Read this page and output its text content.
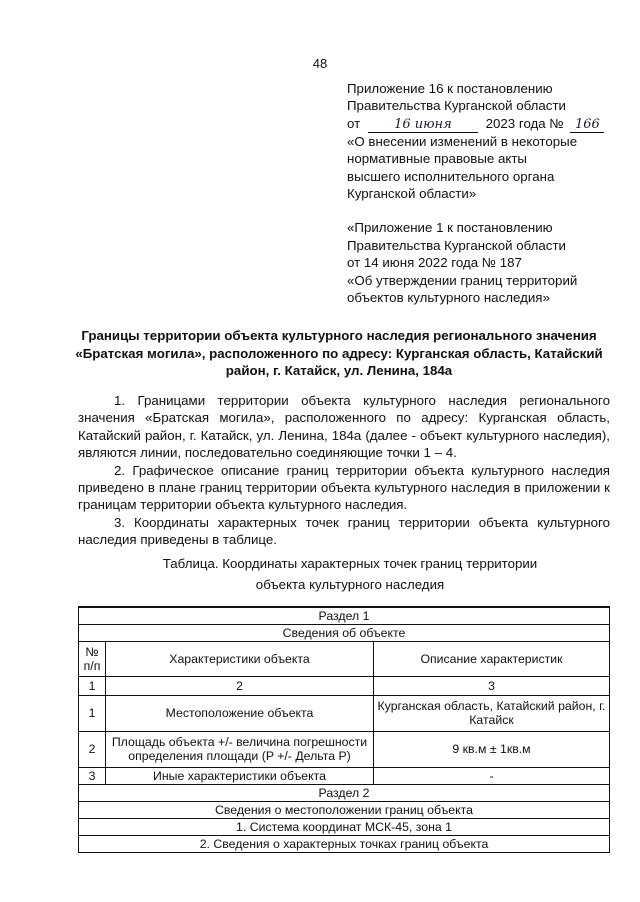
48
Приложение 16 к постановлению
Правительства Курганской области
от	16 июня	2023 года № 166
«О внесении изменений в некоторые
нормативные правовые акты
высшего исполнительного органа
Курганской области»
«Приложение 1 к постановлению
Правительства Курганской области
от 14 июня 2022 года № 187
«Об утверждении границ территорий
объектов культурного наследия»
Границы территории объекта культурного наследия регионального значения «Братская могила», расположенного по адресу: Курганская область, Катайский район, г. Катайск, ул. Ленина, 184а

1. Границами территории объекта культурного наследия регионального значения «Братская могила», расположенного по адресу: Курганская область, Катайский район, г. Катайск, ул. Ленина, 184а (далее - объект культурного наследия), являются линии, последовательно соединяющие точки 1 – 4.

2. Графическое описание границ территории объекта культурного наследия приведено в плане границ территории объекта культурного наследия в приложении к границам территории объекта культурного наследия.

3. Координаты характерных точек границ территории объекта культурного наследия приведены в таблице.

Таблица. Координаты характерных точек границ территории
объекта культурного наследия
Раздел 1		
Сведения об объекте		
№ п/п	Характеристики объекта	Описание характеристик
1	2	3
1	Местоположение объекта	Курганская область, Катайский район, г. Катайск
2	Площадь объекта +/- величина погрешности определения площади (P +/- Дельта P)	9 кв.м ± 1кв.м
3	Иные характеристики объекта	-
Раздел 2		
Сведения о местоположении границ объекта		
1. Система координат МСК-45, зона 1		
2. Сведения о характерных точках границ объекта		
